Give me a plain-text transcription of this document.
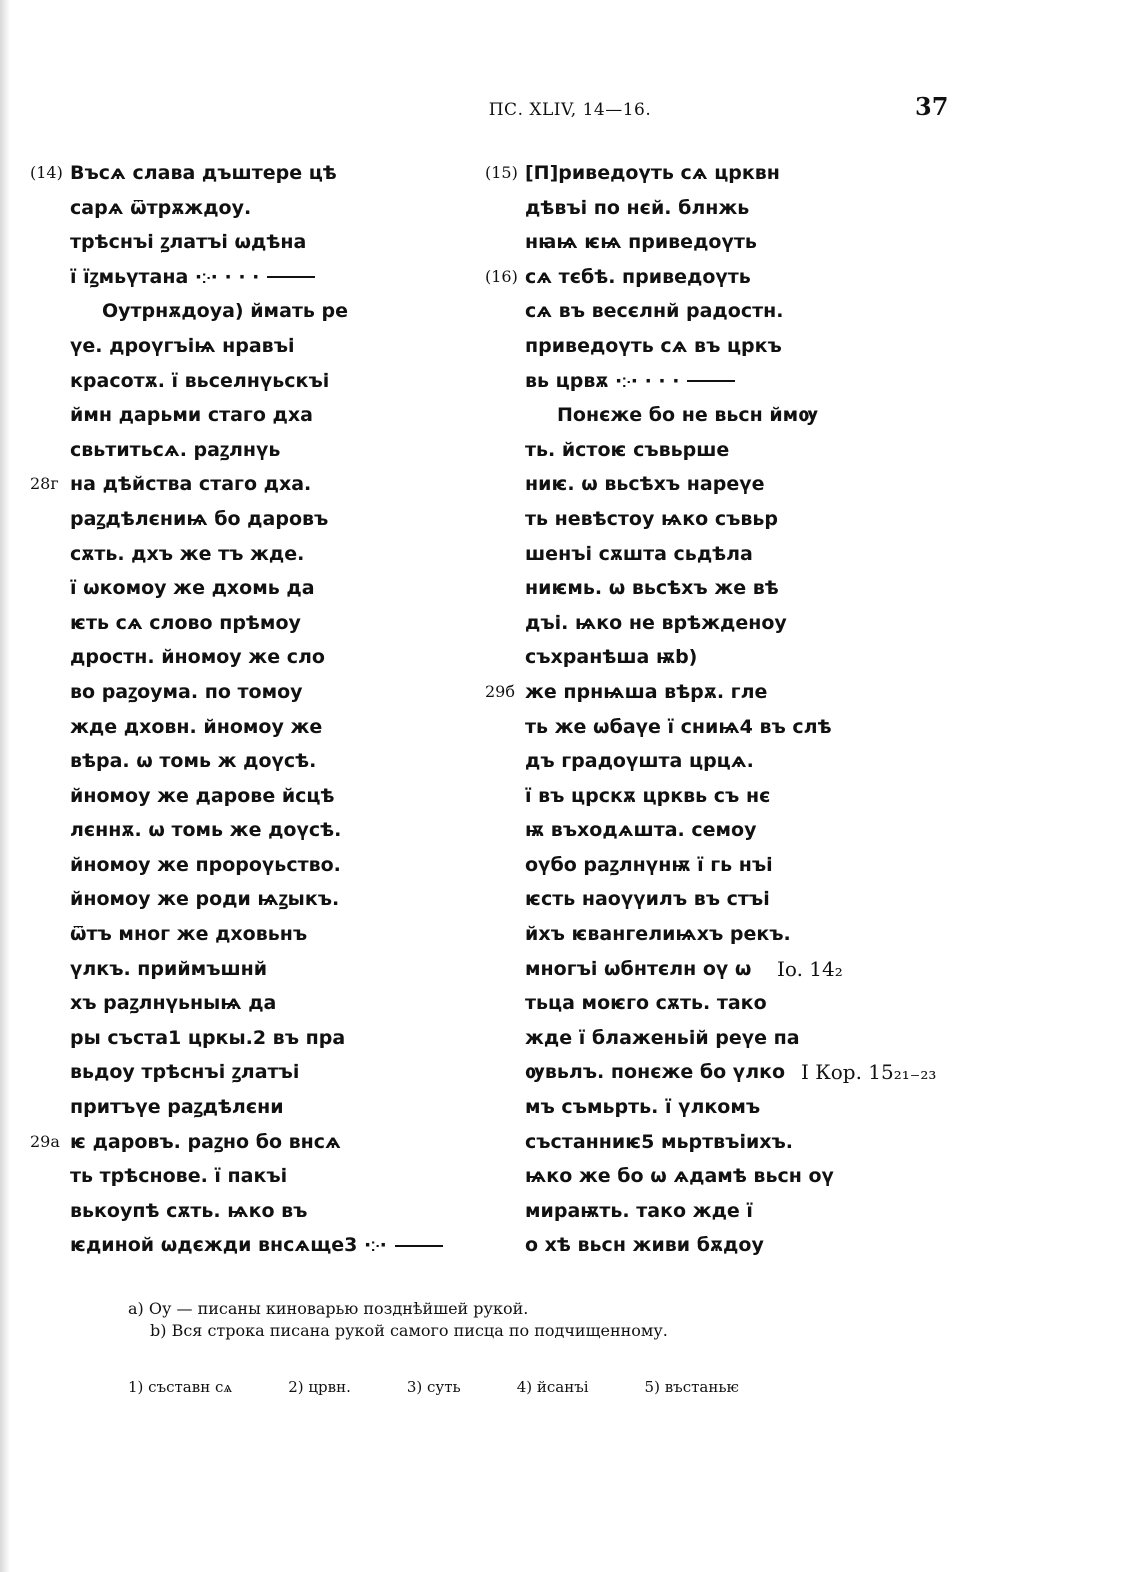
ПС. XLIV, 14—16.	37
(14) Въсѧ слава дъштере цѣ
сарѧ ѿтрѫждоу.
трѣснъі ꙁлатъі ѡдѣна
ї їꙁмьүтана ·჻· · · ·
Оутрнѫдоуа) ймать ре
үе. дроүгъіѩ нравъі
красотѫ. ї вьселнүьскъі
ймн дарьми стаго дха
свьтитьсѧ. раꙁлнүь
28г на дѣйства стаго дха.
раꙁдѣлєниѩ бо даровъ
сѫть. дхъ же тъ жде.
ї ѡкомоу же дхомь да
ѥть сѧ слово прѣмоу
дростн. йномоу же сло
во раꙁоума. по томоу
жде дховн. йномоу же
вѣра. ѡ томь ж доүсѣ.
йномоу же дарове йсцѣ
лєннѫ. ѡ томь же доүсѣ.
йномоу же пророүьство.
йномоу же роди ѩꙁыкъ.
ѿтъ мног же дховьнъ
үлкъ. приймъшнй
хъ раꙁлнүьныѩ да
ры съста1 цркы.2 въ пра
вьдоу трѣснъі ꙁлатъі
притъүе раꙁдѣлєни
29а ѥ даровъ. раꙁно бо внсѧ
ть трѣснове. ї пакъі
вькоупѣ сѫть. ѩко въ
ѥдиной ѡдєжди внсѧще3 ·჻·
(15) [П]риведоүть сѧ црквн
дѣвъі по нєй. блнжь
нꙗѩ ѥѩ приведоүть
(16) сѧ тєбѣ. приведоүть
сѧ въ весєлнй радостн.
приведоүть сѧ въ цркъ
вь црвѫ ·჻· · · ·
Понєже бо не вьсн ймѹ
ть. йстоѥ съвьрше
ниѥ. ѡ вьсѣхъ нареүе
ть невѣстоу ѩко съвьр
шенъі сѫшта сьдѣла
ниѥмь. ѡ вьсѣхъ же вѣ
дъі. ѩко не врѣжденоу
съхранѣша ѭb)
29б же прнѩша вѣрѫ. гле
ть же ѡбаүе ї сниѩ4 въ слѣ
дъ градоүшта црцѧ.
ї въ црскѫ црквь съ нє
ѭ въходѧшта. семоу
оүбо раꙁлнүнѭ ї гь нъі
ѥсть наоүүилъ въ стъі
йхъ ѥвангелиѩхъ рекъ.
многъі ѡбнтєлн оү ѡ Io. 14₂
тьца моѥго сѫть. тако
жде ї блаженьій реүе па
ѹвьлъ. понєже бо үлко I Кор. 15₂₁₋₂₃
мъ съмьрть. ї үлкомъ
състанниѥ5 мьртвъіихъ.
ѩко же бо ѡ ѧдамѣ вьсн оү
мираѭть. тако жде ї
о хѣ вьсн живи бѫдоу
a) Оу — писаны киноварью позднѣйшей рукой. b) Вся строка писана рукой самого писца по подчищенному.
1) съставн сѧ	2) црвн.	3) суть	4) йсанъі	5) въстаньѥ
